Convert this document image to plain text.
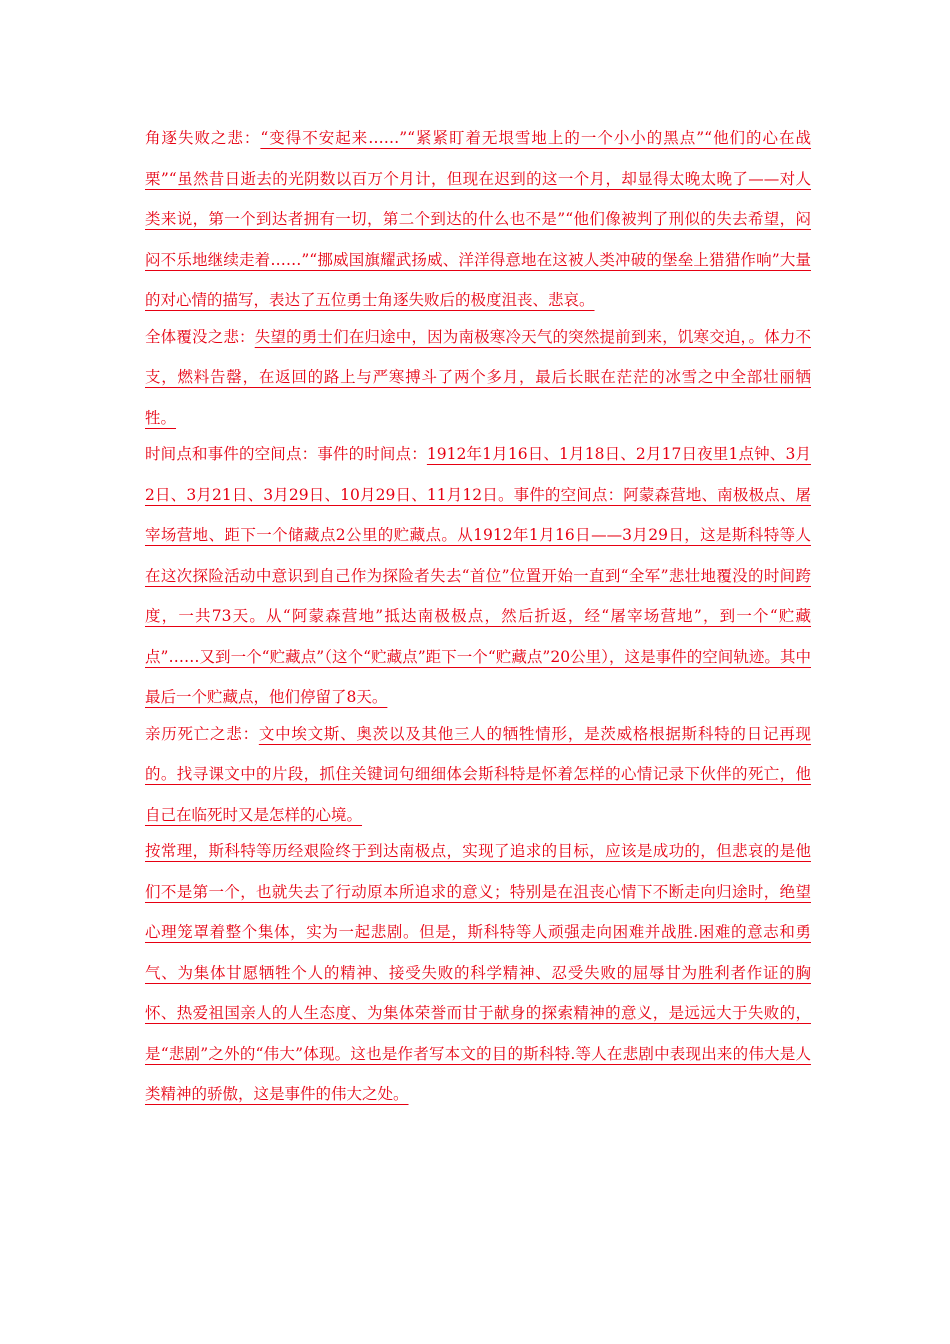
角逐失败之悲：“变得不安起来……”“紧紧盯着无垠雪地上的一个小小的黑点”“他们的心在战栗”“虽然昔日逝去的光阴数以百万个月计，但现在迟到的这一个月，却显得太晚太晚了——对人类来说，第一个到达者拥有一切，第二个到达的什么也不是”“他们像被判了刑似的失去希望，闷闷不乐地继续走着……”“挪威国旗耀武扬威、洋洋得意地在这被人类冲破的堡垒上猎猎作响”大量的对心情的描写，表达了五位勇士角逐失败后的极度沮丧、悲哀。

全体覆没之悲：失望的勇士们在归途中，因为南极寒冷天气的突然提前到来，饥寒交迫，。体力不支，燃料告罄，在返回的路上与严寒搏斗了两个多月，最后长眠在茫茫的冰雪之中全部壮丽牺牲。

时间点和事件的空间点：事件的时间点：1912年1月16日、1月18日、2月17日夜里1点钟、3月2日、3月21日、3月29日、10月29日、11月12日。事件的空间点：阿蒙森营地、南极极点、屠宰场营地、距下一个储藏点2公里的贮藏点。从1912年1月16日——3月29日，这是斯科特等人在这次探险活动中意识到自己作为探险者失去“首位”位置开始一直到“全军”悲壮地覆没的时间跨度，一共73天。从“阿蒙森营地”抵达南极极点，然后折返，经“屠宰场营地”，到一个“贮藏点”……又到一个“贮藏点”（这个“贮藏点”距下一个“贮藏点”20公里），这是事件的空间轨迹。其中最后一个贮藏点，他们停留了8天。

亲历死亡之悲：文中埃文斯、奥茨以及其他三人的牺牲情形，是茨威格根据斯科特的日记再现的。找寻课文中的片段，抓住关键词句细细体会斯科特是怀着怎样的心情记录下伙伴的死亡，他自己在临死时又是怎样的心境。

按常理，斯科特等历经艰险终于到达南极点，实现了追求的目标，应该是成功的，但悲哀的是他们不是第一个，也就失去了行动原本所追求的意义；特别是在沮丧心情下不断走向归途时，绝望心理笼罩着整个集体，实为一起悲剧。但是，斯科特等人顽强走向困难并战胜.困难的意志和勇气、为集体甘愿牺牲个人的精神、接受失败的科学精神、忍受失败的屈辱甘为胜利者作证的胸怀、热爱祖国亲人的人生态度、为集体荣誉而甘于献身的探索精神的意义，是远远大于失败的，是“悲剧”之外的“伟大”体现。这也是作者写本文的目的斯科特.等人在悲剧中表现出来的伟大是人类精神的骄傲，这是事件的伟大之处。
